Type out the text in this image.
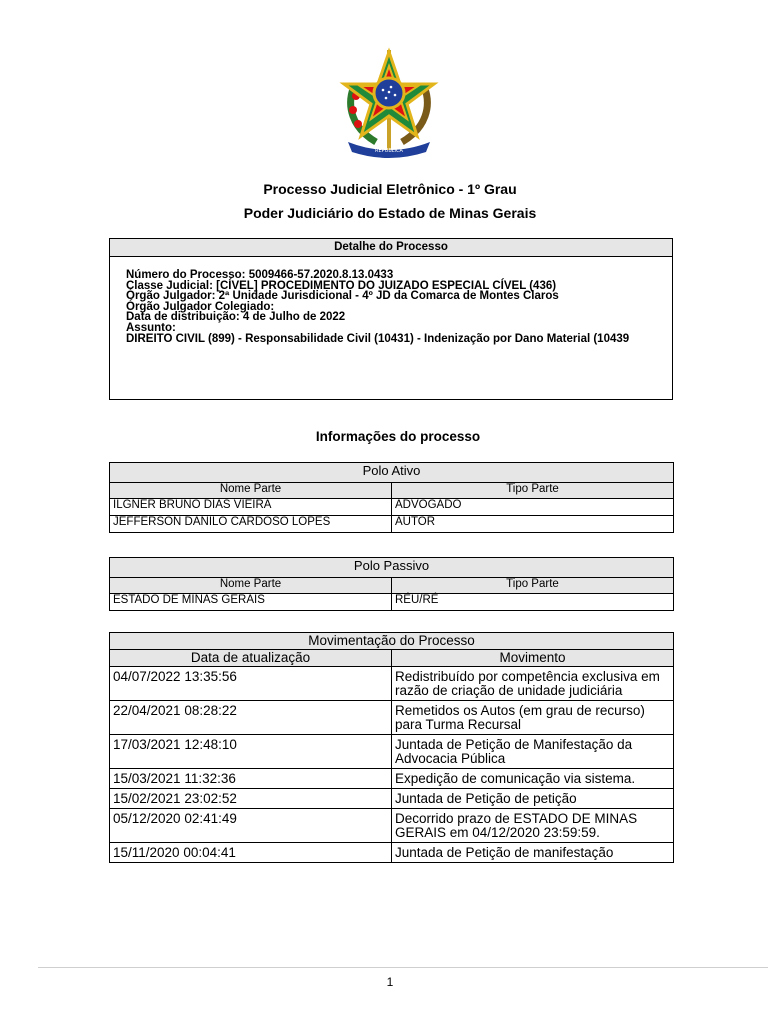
REPUBLICA
Processo Judicial Eletrônico - 1º Grau
Poder Judiciário do Estado de Minas Gerais
Detalhe do Processo
Número do Processo: 5009466-57.2020.8.13.0433
Classe Judicial: [CÍVEL] PROCEDIMENTO DO JUIZADO ESPECIAL CÍVEL (436)
Órgão Julgador: 2ª Unidade Jurisdicional - 4º JD da Comarca de Montes Claros
Órgão Julgador Colegiado:
Data de distribuição: 4 de Julho de 2022
Assunto:
DIREITO CIVIL (899) - Responsabilidade Civil (10431) - Indenização por Dano Material (10439
Informações do processo
Polo Ativo	
Nome Parte	Tipo Parte
ILGNER BRUNO DIAS VIEIRA	ADVOGADO
JEFFERSON DANILO CARDOSO LOPES	AUTOR
Polo Passivo	
Nome Parte	Tipo Parte
ESTADO DE MINAS GERAIS	RÉU/RÉ
Movimentação do Processo	
Data de atualização	Movimento
04/07/2022 13:35:56	Redistribuído por competência exclusiva em razão de criação de unidade judiciária
22/04/2021 08:28:22	Remetidos os Autos (em grau de recurso) para Turma Recursal
17/03/2021 12:48:10	Juntada de Petição de Manifestação da Advocacia Pública
15/03/2021 11:32:36	Expedição de comunicação via sistema.
15/02/2021 23:02:52	Juntada de Petição de petição
05/12/2020 02:41:49	Decorrido prazo de ESTADO DE MINAS GERAIS em 04/12/2020 23:59:59.
15/11/2020 00:04:41	Juntada de Petição de manifestação
1
